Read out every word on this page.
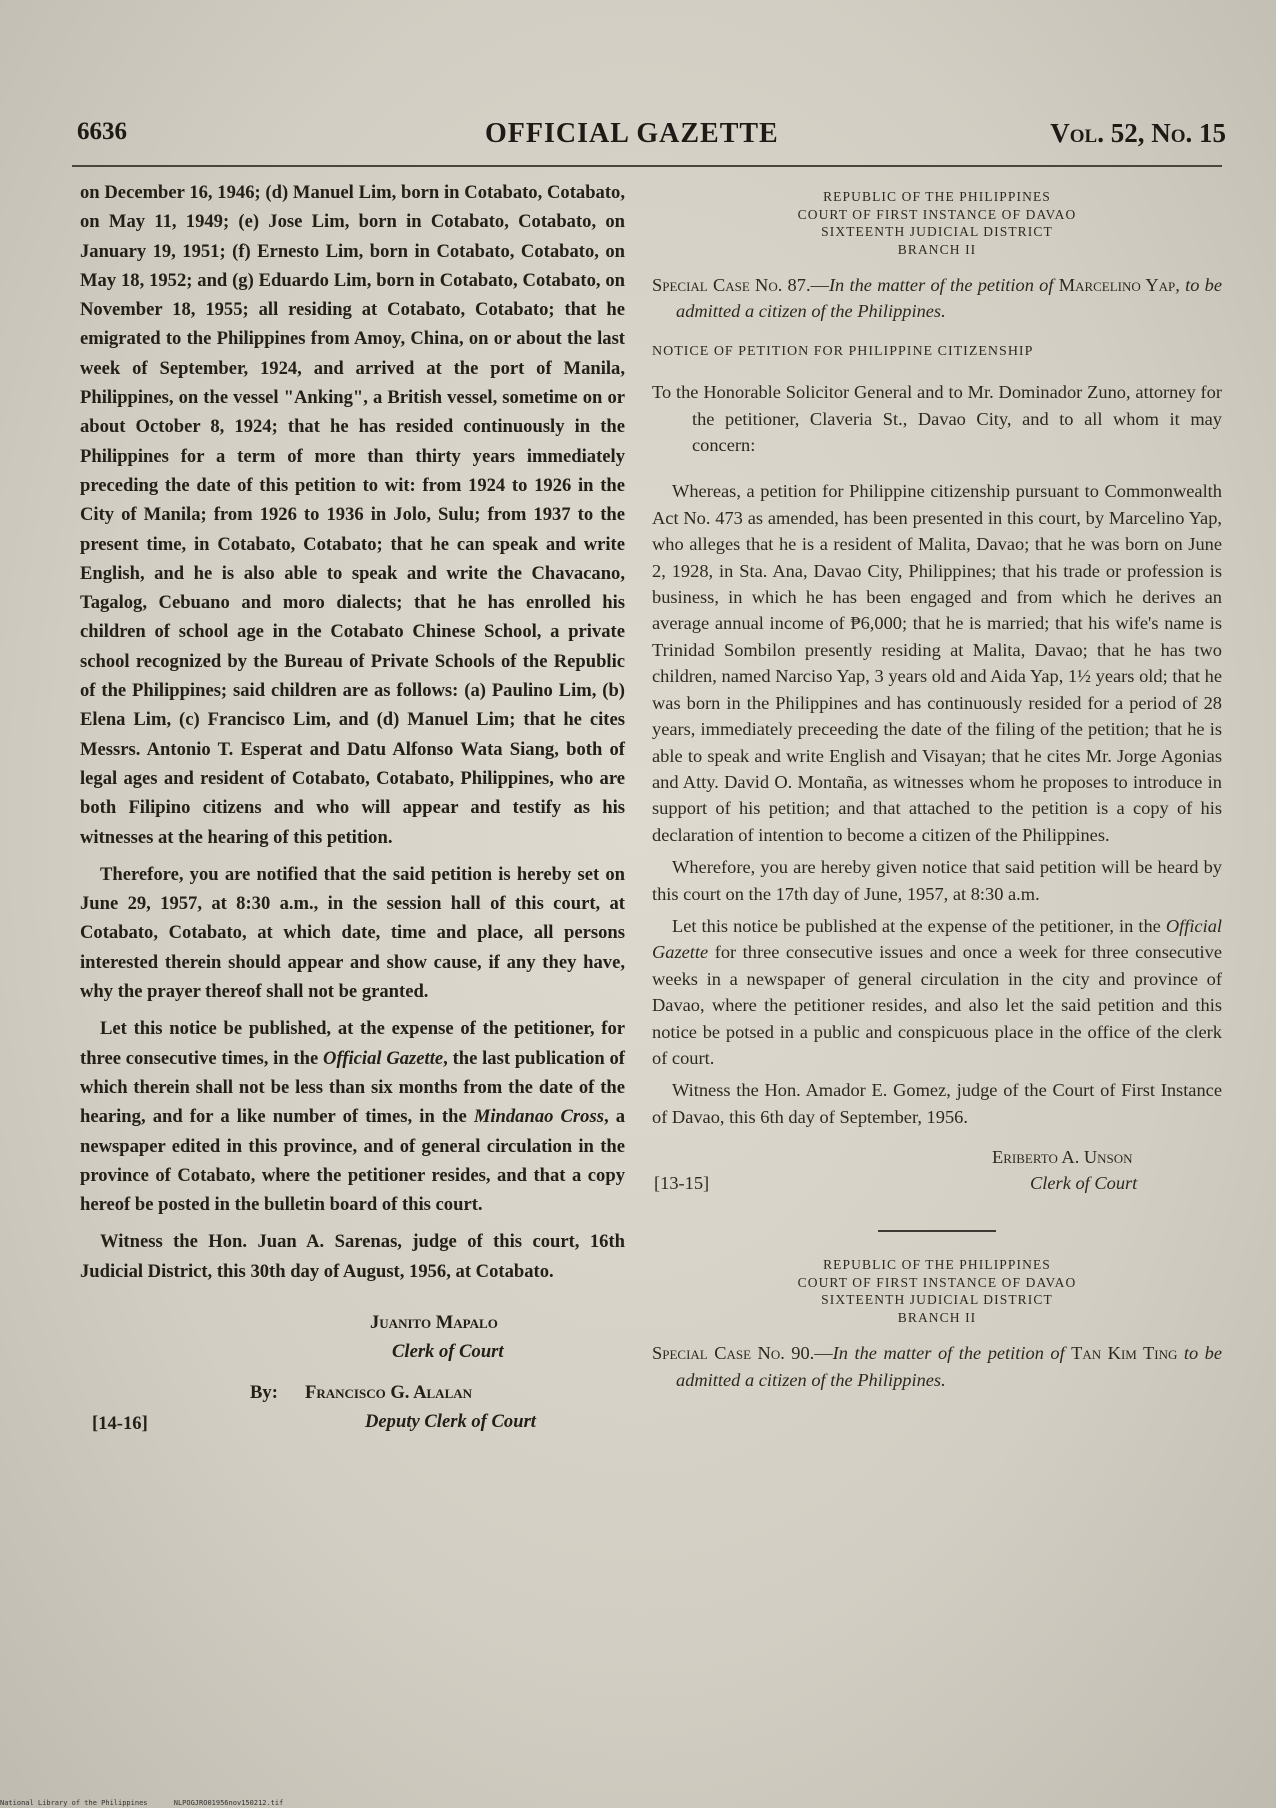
6636	OFFICIAL GAZETTE	Vol. 52, No. 15

on December 16, 1946; (d) Manuel Lim, born in Cotabato, Cotabato, on May 11, 1949; (e) Jose Lim, born in Cotabato, Cotabato, on January 19, 1951; (f) Ernesto Lim, born in Cotabato, Cotabato, on May 18, 1952; and (g) Eduardo Lim, born in Cotabato, Cotabato, on November 18, 1955; all residing at Cotabato, Cotabato; that he emigrated to the Philippines from Amoy, China, on or about the last week of September, 1924, and arrived at the port of Manila, Philippines, on the vessel "Anking", a British vessel, sometime on or about October 8, 1924; that he has resided continuously in the Philippines for a term of more than thirty years immediately preceding the date of this petition to wit: from 1924 to 1926 in the City of Manila; from 1926 to 1936 in Jolo, Sulu; from 1937 to the present time, in Cotabato, Cotabato; that he can speak and write English, and he is also able to speak and write the Chavacano, Tagalog, Cebuano and moro dialects; that he has enrolled his children of school age in the Cotabato Chinese School, a private school recognized by the Bureau of Private Schools of the Republic of the Philippines; said children are as follows: (a) Paulino Lim, (b) Elena Lim, (c) Francisco Lim, and (d) Manuel Lim; that he cites Messrs. Antonio T. Esperat and Datu Alfonso Wata Siang, both of legal ages and resident of Cotabato, Cotabato, Philippines, who are both Filipino citizens and who will appear and testify as his witnesses at the hearing of this petition.

Therefore, you are notified that the said petition is hereby set on June 29, 1957, at 8:30 a.m., in the session hall of this court, at Cotabato, Cotabato, at which date, time and place, all persons interested therein should appear and show cause, if any they have, why the prayer thereof shall not be granted.

Let this notice be published, at the expense of the petitioner, for three consecutive times, in the Official Gazette, the last publication of which therein shall not be less than six months from the date of the hearing, and for a like number of times, in the Mindanao Cross, a newspaper edited in this province, and of general circulation in the province of Cotabato, where the petitioner resides, and that a copy hereof be posted in the bulletin board of this court.

Witness the Hon. Juan A. Sarenas, judge of this court, 16th Judicial District, this 30th day of August, 1956, at Cotabato.

Juanito Mapalo
Clerk of Court
By: Francisco G. Alalan
Deputy Clerk of Court
[14-16]
REPUBLIC OF THE PHILIPPINES
COURT OF FIRST INSTANCE OF DAVAO
SIXTEENTH JUDICIAL DISTRICT
BRANCH II

Special Case No. 87.—In the matter of the petition of Marcelino Yap, to be admitted a citizen of the Philippines.

NOTICE OF PETITION FOR PHILIPPINE CITIZENSHIP

To the Honorable Solicitor General and to Mr. Dominador Zuno, attorney for the petitioner, Claveria St., Davao City, and to all whom it may concern:

Whereas, a petition for Philippine citizenship pursuant to Commonwealth Act No. 473 as amended, has been presented in this court, by Marcelino Yap, who alleges that he is a resident of Malita, Davao; that he was born on June 2, 1928, in Sta. Ana, Davao City, Philippines; that his trade or profession is business, in which he has been engaged and from which he derives an average annual income of ₱6,000; that he is married; that his wife's name is Trinidad Sombilon presently residing at Malita, Davao; that he has two children, named Narciso Yap, 3 years old and Aida Yap, 1½ years old; that he was born in the Philippines and has continuously resided for a period of 28 years, immediately preceeding the date of the filing of the petition; that he is able to speak and write English and Visayan; that he cites Mr. Jorge Agonias and Atty. David O. Montaña, as witnesses whom he proposes to introduce in support of his petition; and that attached to the petition is a copy of his declaration of intention to become a citizen of the Philippines.

Wherefore, you are hereby given notice that said petition will be heard by this court on the 17th day of June, 1957, at 8:30 a.m.

Let this notice be published at the expense of the petitioner, in the Official Gazette for three consecutive issues and once a week for three consecutive weeks in a newspaper of general circulation in the city and province of Davao, where the petitioner resides, and also let the said petition and this notice be potsed in a public and conspicuous place in the office of the clerk of court.

Witness the Hon. Amador E. Gomez, judge of the Court of First Instance of Davao, this 6th day of September, 1956.

Eriberto A. Unson
Clerk of Court
[13-15]
REPUBLIC OF THE PHILIPPINES
COURT OF FIRST INSTANCE OF DAVAO
SIXTEENTH JUDICIAL DISTRICT
BRANCH II

Special Case No. 90.—In the matter of the petition of Tan Kim Ting to be admitted a citizen of the Philippines.

National Library of the Philippines	NLPOGJRO01956nov150212.tif
